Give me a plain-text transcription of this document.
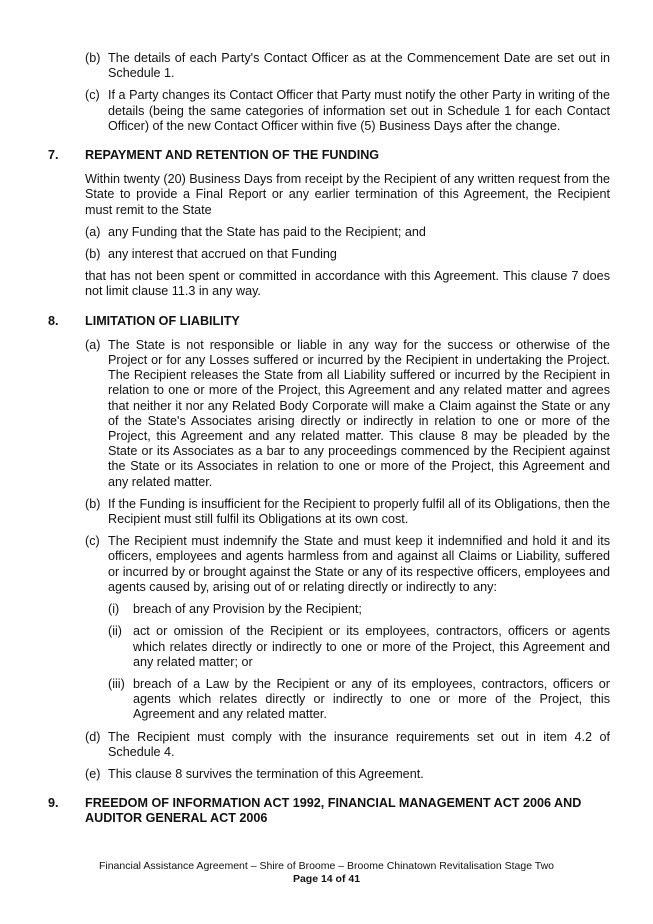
(b) The details of each Party's Contact Officer as at the Commencement Date are set out in Schedule 1.
(c) If a Party changes its Contact Officer that Party must notify the other Party in writing of the details (being the same categories of information set out in Schedule 1 for each Contact Officer) of the new Contact Officer within five (5) Business Days after the change.
7. REPAYMENT AND RETENTION OF THE FUNDING
Within twenty (20) Business Days from receipt by the Recipient of any written request from the State to provide a Final Report or any earlier termination of this Agreement, the Recipient must remit to the State
(a) any Funding that the State has paid to the Recipient; and
(b) any interest that accrued on that Funding
that has not been spent or committed in accordance with this Agreement. This clause 7 does not limit clause 11.3 in any way.
8. LIMITATION OF LIABILITY
(a) The State is not responsible or liable in any way for the success or otherwise of the Project or for any Losses suffered or incurred by the Recipient in undertaking the Project. The Recipient releases the State from all Liability suffered or incurred by the Recipient in relation to one or more of the Project, this Agreement and any related matter and agrees that neither it nor any Related Body Corporate will make a Claim against the State or any of the State's Associates arising directly or indirectly in relation to one or more of the Project, this Agreement and any related matter. This clause 8 may be pleaded by the State or its Associates as a bar to any proceedings commenced by the Recipient against the State or its Associates in relation to one or more of the Project, this Agreement and any related matter.
(b) If the Funding is insufficient for the Recipient to properly fulfil all of its Obligations, then the Recipient must still fulfil its Obligations at its own cost.
(c) The Recipient must indemnify the State and must keep it indemnified and hold it and its officers, employees and agents harmless from and against all Claims or Liability, suffered or incurred by or brought against the State or any of its respective officers, employees and agents caused by, arising out of or relating directly or indirectly to any:
(i) breach of any Provision by the Recipient;
(ii) act or omission of the Recipient or its employees, contractors, officers or agents which relates directly or indirectly to one or more of the Project, this Agreement and any related matter; or
(iii) breach of a Law by the Recipient or any of its employees, contractors, officers or agents which relates directly or indirectly to one or more of the Project, this Agreement and any related matter.
(d) The Recipient must comply with the insurance requirements set out in item 4.2 of Schedule 4.
(e) This clause 8 survives the termination of this Agreement.
9. FREEDOM OF INFORMATION ACT 1992, FINANCIAL MANAGEMENT ACT 2006 AND AUDITOR GENERAL ACT 2006
Financial Assistance Agreement – Shire of Broome – Broome Chinatown Revitalisation Stage Two
Page 14 of 41
